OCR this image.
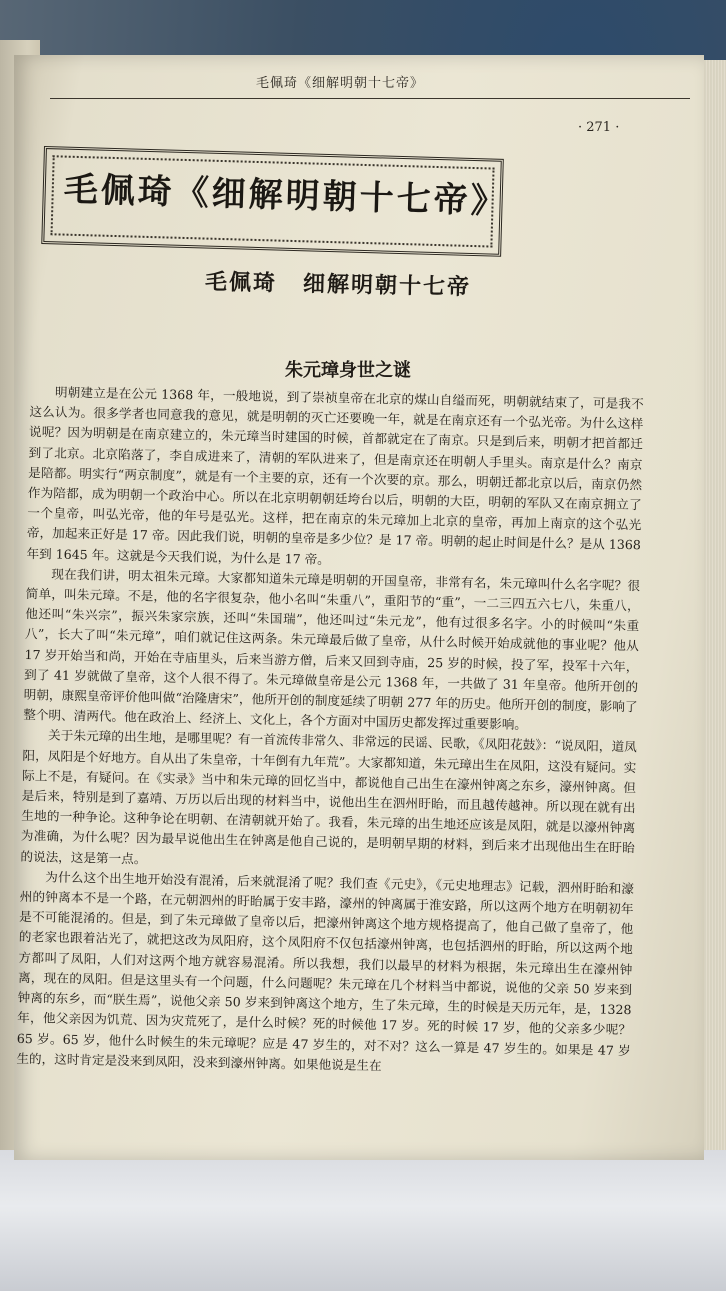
毛佩琦《细解明朝十七帝》
· 271 ·
毛佩琦《细解明朝十七帝》
毛佩琦 细解明朝十七帝
朱元璋身世之谜

明朝建立是在公元 1368 年，一般地说，到了崇祯皇帝在北京的煤山自缢而死，明朝就结束了，可是我不这么认为。很多学者也同意我的意见，就是明朝的灭亡还要晚一年，就是在南京还有一个弘光帝。为什么这样说呢？因为明朝是在南京建立的，朱元璋当时建国的时候，首都就定在了南京。只是到后来，明朝才把首都迁到了北京。北京陷落了，李自成进来了，清朝的军队进来了，但是南京还在明朝人手里头。南京是什么？南京是陪都。明实行“两京制度”，就是有一个主要的京，还有一个次要的京。那么，明朝迁都北京以后，南京仍然作为陪都，成为明朝一个政治中心。所以在北京明朝朝廷垮台以后，明朝的大臣，明朝的军队又在南京拥立了一个皇帝，叫弘光帝，他的年号是弘光。这样，把在南京的朱元璋加上北京的皇帝，再加上南京的这个弘光帝，加起来正好是 17 帝。因此我们说，明朝的皇帝是多少位？是 17 帝。明朝的起止时间是什么？是从 1368 年到 1645 年。这就是今天我们说，为什么是 17 帝。

现在我们讲，明太祖朱元璋。大家都知道朱元璋是明朝的开国皇帝，非常有名，朱元璋叫什么名字呢？很简单，叫朱元璋。不是，他的名字很复杂，他小名叫“朱重八”，重阳节的“重”，一二三四五六七八，朱重八，他还叫“朱兴宗”，振兴朱家宗族，还叫“朱国瑞”，他还叫过“朱元龙”，他有过很多名字。小的时候叫“朱重八”，长大了叫“朱元璋”，咱们就记住这两条。朱元璋最后做了皇帝，从什么时候开始成就他的事业呢？他从 17 岁开始当和尚，开始在寺庙里头，后来当游方僧，后来又回到寺庙，25 岁的时候，投了军，投军十六年，到了 41 岁就做了皇帝，这个人很不得了。朱元璋做皇帝是公元 1368 年，一共做了 31 年皇帝。他所开创的明朝，康熙皇帝评价他叫做“治隆唐宋”，他所开创的制度延续了明朝 277 年的历史。他所开创的制度，影响了整个明、清两代。他在政治上、经济上、文化上，各个方面对中国历史都发挥过重要影响。

关于朱元璋的出生地，是哪里呢？有一首流传非常久、非常远的民谣、民歌，《凤阳花鼓》：“说凤阳，道凤阳，凤阳是个好地方。自从出了朱皇帝，十年倒有九年荒”。大家都知道，朱元璋出生在凤阳，这没有疑问。实际上不是，有疑问。在《实录》当中和朱元璋的回忆当中，都说他自己出生在濠州钟离之东乡，濠州钟离。但是后来，特别是到了嘉靖、万历以后出现的材料当中，说他出生在泗州盱眙，而且越传越神。所以现在就有出生地的一种争论。这种争论在明朝、在清朝就开始了。我看，朱元璋的出生地还应该是凤阳，就是以濠州钟离为准确，为什么呢？因为最早说他出生在钟离是他自己说的，是明朝早期的材料，到后来才出现他出生在盱眙的说法，这是第一点。

为什么这个出生地开始没有混淆，后来就混淆了呢？我们查《元史》，《元史地理志》记载，泗州盱眙和濠州的钟离本不是一个路，在元朝泗州的盱眙属于安丰路，濠州的钟离属于淮安路，所以这两个地方在明朝初年是不可能混淆的。但是，到了朱元璋做了皇帝以后，把濠州钟离这个地方规格提高了，他自己做了皇帝了，他的老家也跟着沾光了，就把这改为凤阳府，这个凤阳府不仅包括濠州钟离，也包括泗州的盱眙，所以这两个地方都叫了凤阳，人们对这两个地方就容易混淆。所以我想，我们以最早的材料为根据，朱元璋出生在濠州钟离，现在的凤阳。但是这里头有一个问题，什么问题呢？朱元璋在几个材料当中都说，说他的父亲 50 岁来到钟离的东乡，而“朕生焉”，说他父亲 50 岁来到钟离这个地方，生了朱元璋，生的时候是天历元年，是，1328 年，他父亲因为饥荒、因为灾荒死了，是什么时候？死的时候他 17 岁。死的时候 17 岁，他的父亲多少呢？65 岁。65 岁，他什么时候生的朱元璋呢？应是 47 岁生的，对不对？这么一算是 47 岁生的。如果是 47 岁生的，这时肯定是没来到凤阳，没来到濠州钟离。如果他说是生在
